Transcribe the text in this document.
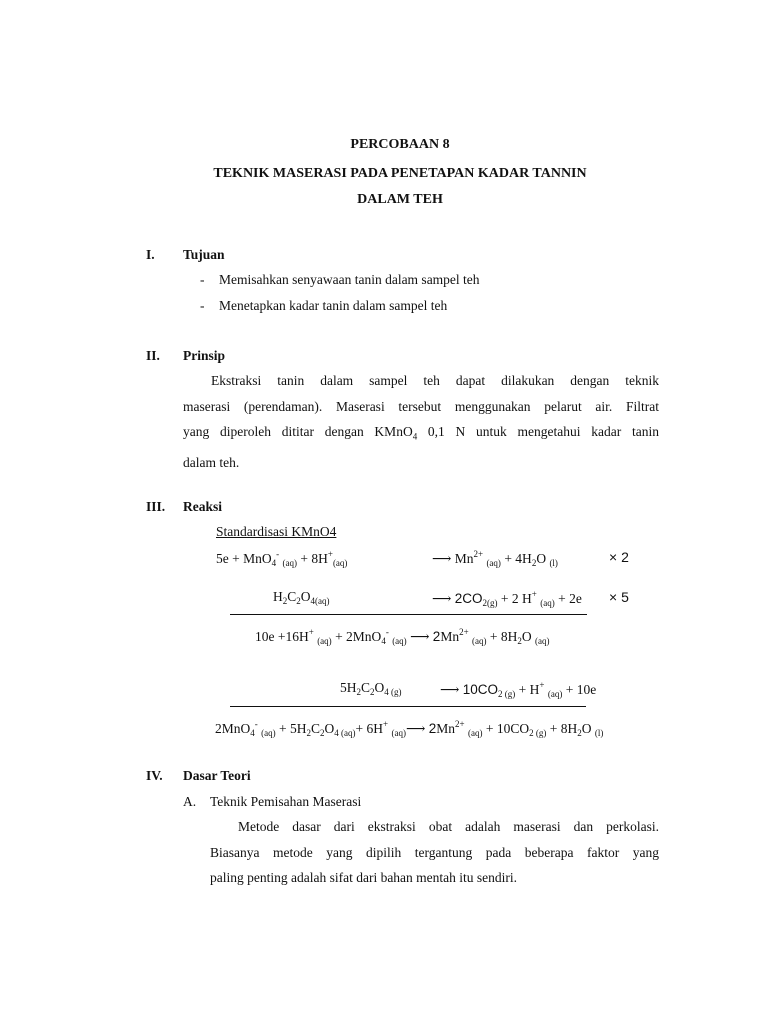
PERCOBAAN 8
TEKNIK MASERASI PADA PENETAPAN KADAR TANNIN
DALAM TEH
I. Tujuan
- Memisahkan senyawaan tanin dalam sampel teh
- Menetapkan kadar tanin dalam sampel teh
II. Prinsip
Ekstraksi tanin dalam sampel teh dapat dilakukan dengan teknik
maserasi (perendaman). Maserasi tersebut menggunakan pelarut air. Filtrat
yang diperoleh dititar dengan KMnO$_4$ 0,1 N untuk mengetahui kadar tanin
dalam teh.
III. Reaksi
Standardisasi KMnO4
5e + MnO$_4$- $_{(aq)} + 8H^+_{(aq)}$	⟶ $Mn^{2+}$ $_{(aq)} + 4H_2O$ $_{(l)}$	× 2
$H_2C_2O_{4(aq)}$	⟶ $2CO_{2(g)} + 2$ H+ $_{(aq)}$ + 2e × 5
10e +16H+ $_{(aq)}$ + 2MnO$_4$- $_{(aq)}$ ⟶ $2Mn^{2+}$ $_{(aq)} + 8H_2O$ $_{(aq)}$
$5H_2C_2O_{4 (g)}$	⟶ $10CO_{2 (g)} + H^+$ $_{(aq)}$ + 10e
2MnO$_4$- $_{(aq)} + 5H_2C_2O_{4 (aq)}+ 6H^+$ $_{(aq)}$⟶ $2Mn^{2+}$ $_{(aq)} + 10CO_{2 (g)} + 8H_2O$ $_{(l)}$
IV. Dasar Teori
A. Teknik Pemisahan Maserasi
Metode dasar dari ekstraksi obat adalah maserasi dan perkolasi.
Biasanya metode yang dipilih tergantung pada beberapa faktor yang
paling penting adalah sifat dari bahan mentah itu sendiri.
